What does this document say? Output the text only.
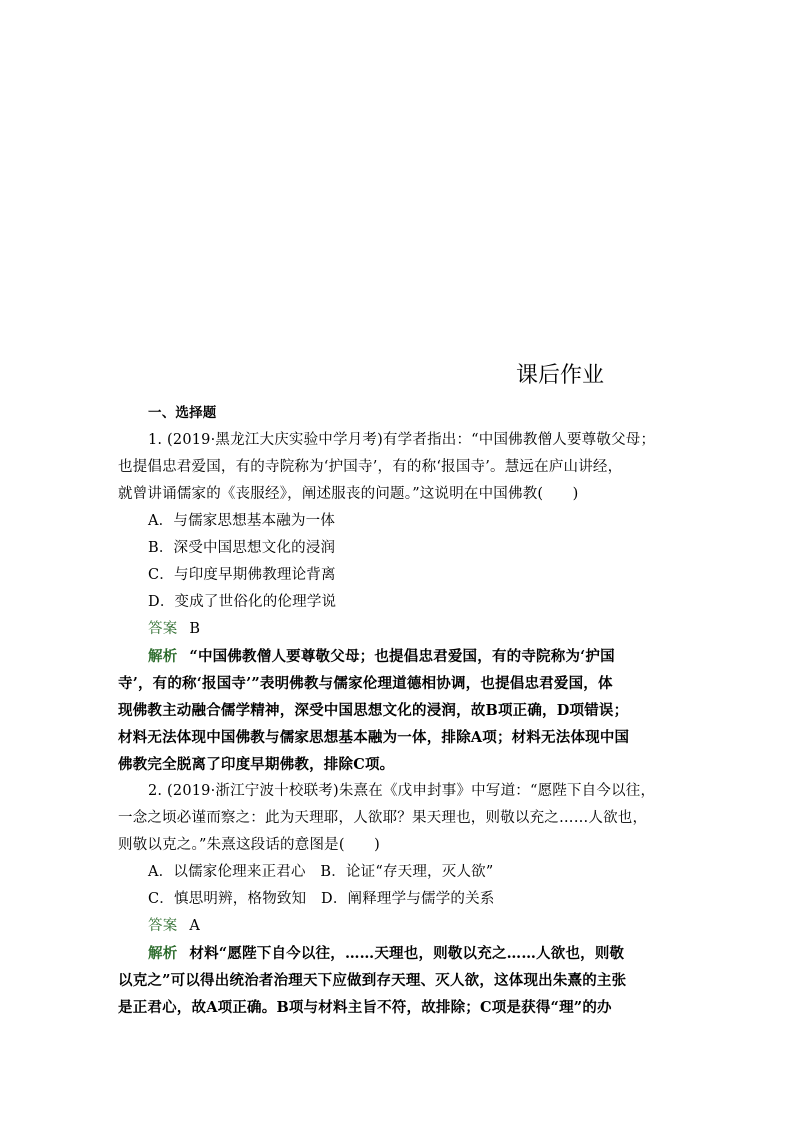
课后作业
一、选择题
1. (2019·黑龙江大庆实验中学月考)有学者指出：“中国佛教僧人要尊敬父母；
也提倡忠君爱国，有的寺院称为‘护国寺’，有的称‘报国寺’。慧远在庐山讲经，
就曾讲诵儒家的《丧服经》，阐述服丧的问题。”这说明在中国佛教(　　)
A．与儒家思想基本融为一体
B．深受中国思想文化的浸润
C．与印度早期佛教理论背离
D．变成了世俗化的伦理学说
答案 B
解析 “中国佛教僧人要尊敬父母；也提倡忠君爱国，有的寺院称为‘护国
寺’，有的称‘报国寺’”表明佛教与儒家伦理道德相协调，也提倡忠君爱国，体
现佛教主动融合儒学精神，深受中国思想文化的浸润，故B项正确，D项错误；
材料无法体现中国佛教与儒家思想基本融为一体，排除A项；材料无法体现中国
佛教完全脱离了印度早期佛教，排除C项。
2. (2019·浙江宁波十校联考)朱熹在《戊申封事》中写道：“愿陛下自今以往，
一念之顷必谨而察之：此为天理耶，人欲耶？果天理也，则敬以充之……人欲也，
则敬以克之。”朱熹这段话的意图是(　　)
A．以儒家伦理来正君心　B．论证“存天理，灭人欲”
C．慎思明辨，格物致知　D．阐释理学与儒学的关系
答案 A
解析 材料“愿陛下自今以往，……天理也，则敬以充之……人欲也，则敬
以克之”可以得出统治者治理天下应做到存天理、灭人欲，这体现出朱熹的主张
是正君心，故A项正确。B项与材料主旨不符，故排除；C项是获得“理”的办
